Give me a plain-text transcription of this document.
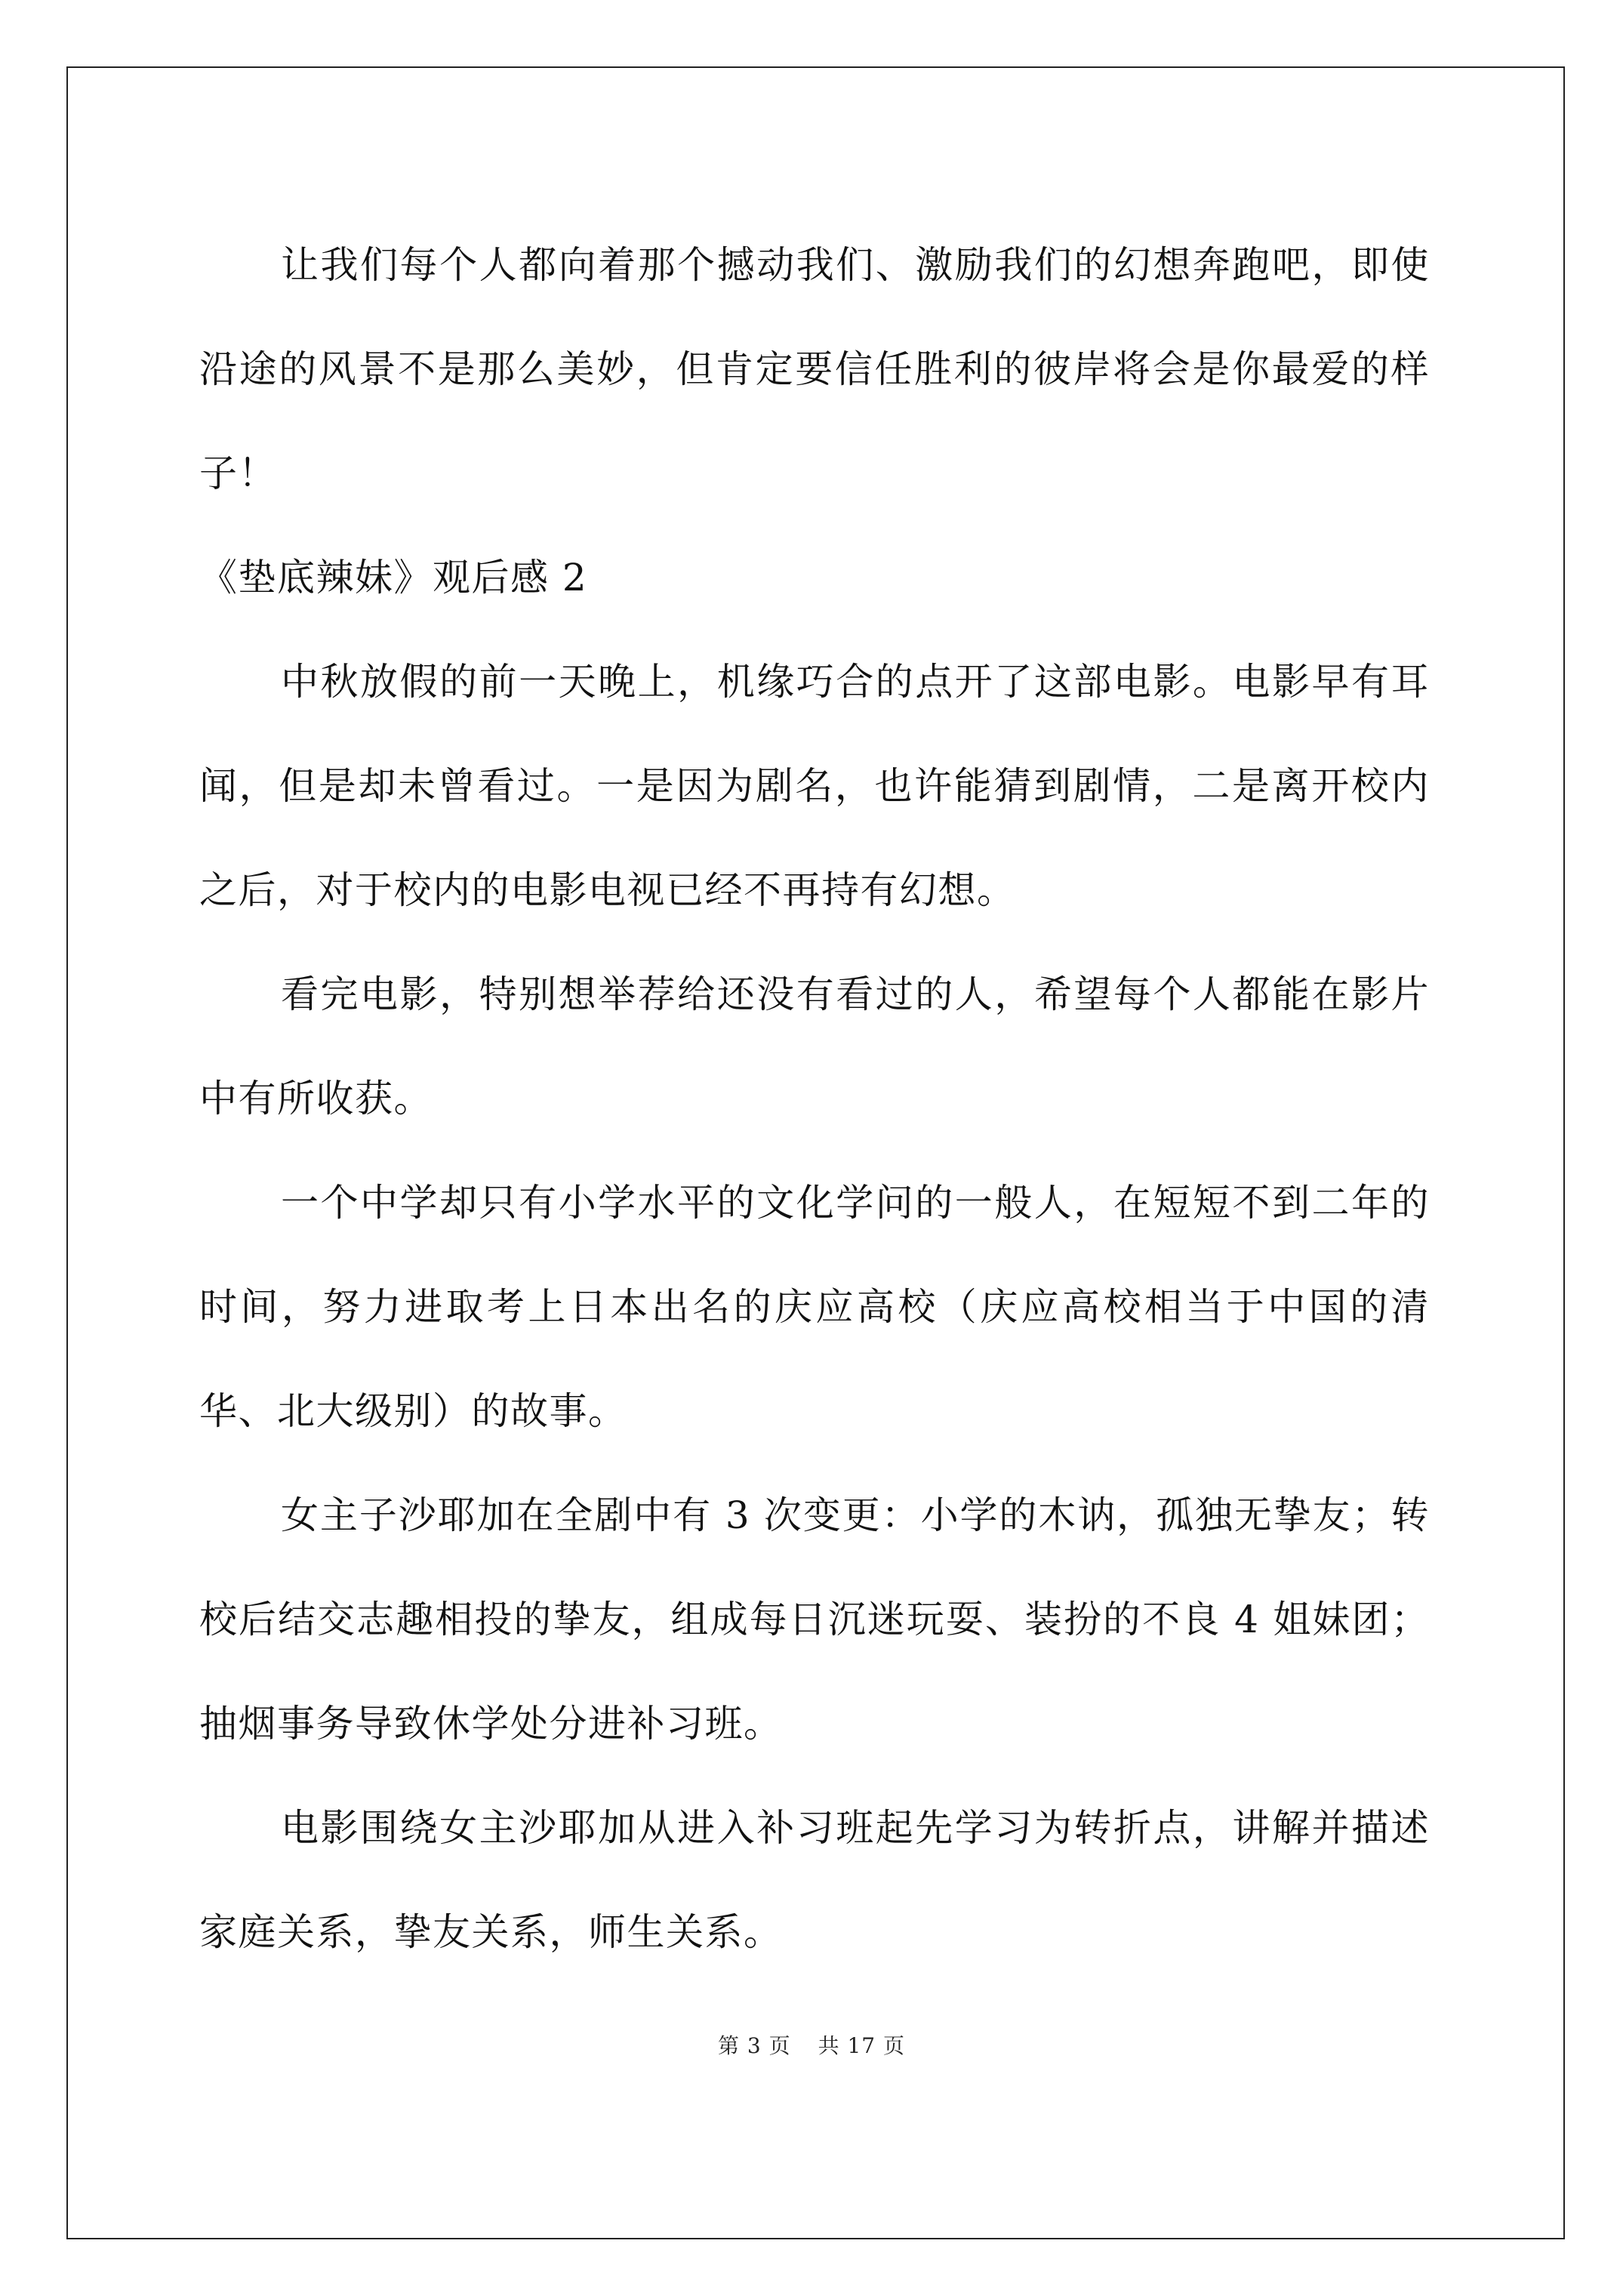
让我们每个人都向着那个撼动我们、激励我们的幻想奔跑吧，即使沿途的风景不是那么美妙，但肯定要信任胜利的彼岸将会是你最爱的样子！

《垫底辣妹》观后感 2

中秋放假的前一天晚上，机缘巧合的点开了这部电影。电影早有耳闻，但是却未曾看过。一是因为剧名，也许能猜到剧情，二是离开校内之后，对于校内的电影电视已经不再持有幻想。

看完电影，特别想举荐给还没有看过的人，希望每个人都能在影片中有所收获。

一个中学却只有小学水平的文化学问的一般人，在短短不到二年的时间，努力进取考上日本出名的庆应高校（庆应高校相当于中国的清华、北大级别）的故事。

女主子沙耶加在全剧中有 3 次变更：小学的木讷，孤独无挚友；转校后结交志趣相投的挚友，组成每日沉迷玩耍、装扮的不良 4 姐妹团；抽烟事务导致休学处分进补习班。

电影围绕女主沙耶加从进入补习班起先学习为转折点，讲解并描述家庭关系，挚友关系，师生关系。

第 3 页 共 17 页
